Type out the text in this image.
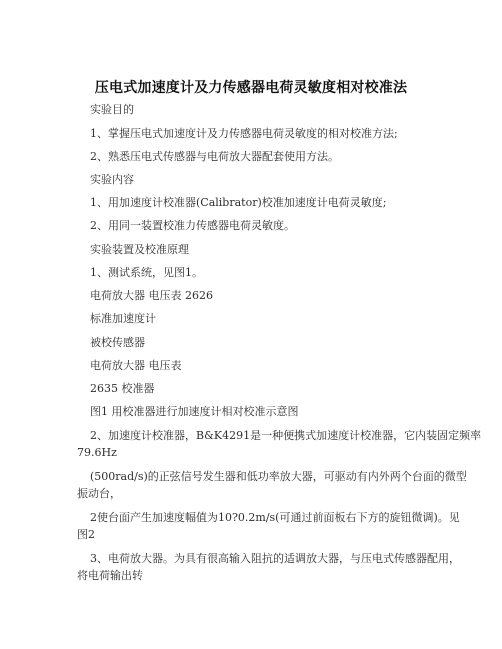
压电式加速度计及力传感器电荷灵敏度相对校准法
实验目的
1、掌握压电式加速度计及力传感器电荷灵敏度的相对校准方法;
2、熟悉压电式传感器与电荷放大器配套使用方法。
实验内容
1、用加速度计校准器(Calibrator)校准加速度计电荷灵敏度;
2、用同一装置校准力传感器电荷灵敏度。
实验装置及校准原理
1、测试系统，见图1。
电荷放大器 电压表 2626
标准加速度计
被校传感器
电荷放大器 电压表
2635 校准器
图1 用校准器进行加速度计相对校准示意图
2、加速度计校准器，B&K4291是一种便携式加速度计校准器，它内装固定频率
79.6Hz
(500rad/s)的正弦信号发生器和低功率放大器，可驱动有内外两个台面的微型
振动台，
2使台面产生加速度幅值为10?0.2m/s(可通过前面板右下方的旋钮微调)。见
图2
3、电荷放大器。为具有很高输入阻抗的适调放大器，与压电式传感器配用，
将电荷输出转
